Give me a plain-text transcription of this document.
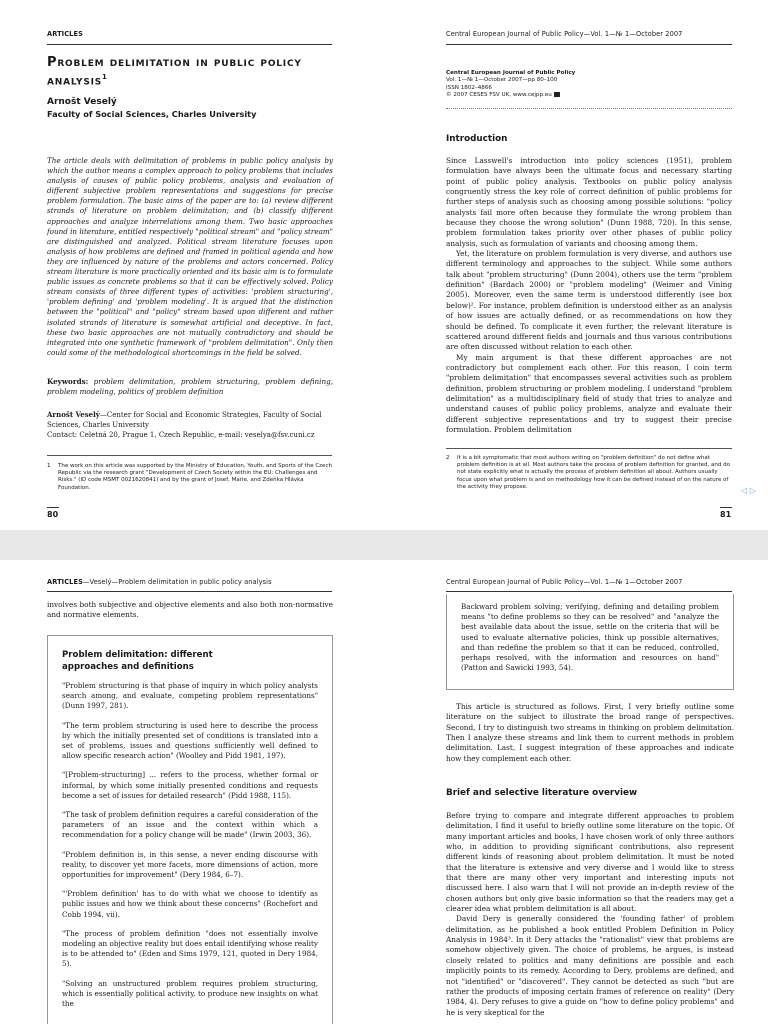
ARTICLES
Problem delimitation in public policy analysis$^1$
Arnošt Veselý
Faculty of Social Sciences, Charles University
The article deals with delimitation of problems in public policy analysis by which the author means a complex approach to policy problems that includes analysis of causes of public policy problems, analysis and evaluation of different subjective problem representations and suggestions for precise problem formulation. The basic aims of the paper are to: (a) review different strands of literature on problem delimitation; and (b) classify different approaches and analyze interrelations among them. Two basic approaches found in literature, entitled respectively "political stream" and "policy stream" are distinguished and analyzed. Political stream literature focuses upon analysis of how problems are defined and framed in political agenda and how they are influenced by nature of the problems and actors concerned. Policy stream literature is more practically oriented and its basic aim is to formulate public issues as concrete problems so that it can be effectively solved. Policy stream consists of three different types of activities: 'problem structuring', 'problem defining' and 'problem modeling'. It is argued that the distinction between the "political" and "policy" stream based upon different and rather isolated strands of literature is somewhat artificial and deceptive. In fact, these two basic approaches are not mutually contradictory and should be integrated into one synthetic framework of "problem delimitation". Only then could some of the methodological shortcomings in the field be solved.
Keywords: problem delimitation, problem structuring, problem defining, problem modeling, politics of problem definition
Arnošt Veselý—Center for Social and Economic Strategies, Faculty of Social Sciences, Charles University
Contact: Celetná 20, Prague 1, Czech Republic, e-mail: veselya@fsv.cuni.cz
1	The work on this article was supported by the Ministry of Education, Youth, and Sports of the Czech Republic via the research grant "Development of Czech Society within the EU: Challenges and Risks." (ID code MSMT 0021620841) and by the grant of Josef, Marie, and Zdeňka Hlávka Foundation.
80
Central European Journal of Public Policy—Vol. 1—№ 1—October 2007
Central European Journal of Public Policy
Vol. 1—№ 1—October 2007—pp 80–100
ISSN 1802–4866
© 2007 CESES FSV UK, www.cejpp.eu
Introduction

Since Lasswell's introduction into policy sciences (1951), problem formulation have always been the ultimate focus and necessary starting point of public policy analysis. Textbooks on public policy analysis congruently stress the key role of correct definition of public problems for further steps of analysis such as choosing among possible solutions: "policy analysts fail more often because they formulate the wrong problem than because they choose the wrong solution" (Dunn 1988, 720). In this sense, problem formulation takes priority over other phases of public policy analysis, such as formulation of variants and choosing among them.

Yet, the literature on problem formulation is very diverse, and authors use different terminology and approaches to the subject. While some authors talk about "problem structuring" (Dunn 2004), others use the term "problem definition" (Bardach 2000) or "problem modeling" (Weimer and Vining 2005). Moreover, even the same term is understood differently (see box below)². For instance, problem definition is understood either as an analysis of how issues are actually defined, or as recommendations on how they should be defined. To complicate it even further, the relevant literature is scattered around different fields and journals and thus various contributions are often discussed without relation to each other.

My main argument is that these different approaches are not contradictory but complement each other. For this reason, I coin term "problem delimitation" that encompasses several activities such as problem definition, problem structuring or problem modeling. I understand "problem delimitation" as a multidisciplinary field of study that tries to analyze and understand causes of public policy problems, analyze and evaluate their different subjective representations and try to suggest their precise formulation. Problem delimitation

2	It is a bit symptomatic that most authors writing on "problem definition" do not define what problem definition is at all. Most authors take the process of problem definition for granted, and do not state explicitly what is actually the process of problem definition all about. Authors usually focus upon what problem is and on methodology how it can be defined instead of on the nature of the activity they propose.
81
◁ ▷
ARTICLES—Veselý—Problem delimitation in public policy analysis

involves both subjective and objective elements and also both non-normative and normative elements.

Problem delimitation: different approaches and definitions

"Problem structuring is that phase of inquiry in which policy analysts search among, and evaluate, competing problem representations" (Dunn 1997, 281).

"The term problem structuring is used here to describe the process by which the initially presented set of conditions is translated into a set of problems, issues and questions sufficiently well defined to allow specific research action" (Woolley and Pidd 1981, 197).

"[Problem-structuring] ... refers to the process, whether formal or informal, by which some initially presented conditions and requests become a set of issues for detailed research" (Pidd 1988, 115).

"The task of problem definition requires a careful consideration of the parameters of an issue and the context within which a recommendation for a policy change will be made" (Irwin 2003, 36).

"Problem definition is, in this sense, a never ending discourse with reality, to discover yet more facets, more dimensions of action, more opportunities for improvement" (Dery 1984, 6–7).

"'Problem definition' has to do with what we choose to identify as public issues and how we think about these concerns" (Rochefort and Cobb 1994, vii).

"The process of problem definition "does not essentially involve modeling an objective reality but does entail identifying whose reality is to be attended to" (Eden and Sims 1979, 121, quoted in Dery 1984, 5).

"Solving an unstructured problem requires problem structuring, which is essentially political activity, to produce new insights on what the

Central European Journal of Public Policy—Vol. 1—№ 1—October 2007

Backward problem solving; verifying, defining and detailing problem means "to define problems so they can be resolved" and "analyze the best available data about the issue, settle on the criteria that will be used to evaluate alternative policies, think up possible alternatives, and than redefine the problem so that it can be reduced, controlled, perhaps resolved, with the information and resources on hand" (Patton and Sawicki 1993, 54).

This article is structured as follows. First, I very briefly outline some literature on the subject to illustrate the broad range of perspectives. Second, I try to distinguish two streams in thinking on problem delimitation. Then I analyze these streams and link them to current methods in problem delimitation. Last, I suggest integration of these approaches and indicate how they complement each other.

Brief and selective literature overview

Before trying to compare and integrate different approaches to problem delimitation, I find it useful to briefly outline some literature on the topic. Of many important articles and books, I have chosen work of only three authors who, in addition to providing significant contributions, also represent different kinds of reasoning about problem delimitation. It must be noted that the literature is extensive and very diverse and I would like to stress that there are many other very important and interesting inputs not discussed here. I also warn that I will not provide an in-depth review of the chosen authors but only give basic information so that the readers may get a clearer idea what problem delimitation is all about.

David Dery is generally considered the 'founding father' of problem delimitation, as he published a book entitled Problem Definition in Policy Analysis in 1984³. In it Dery attacks the "rationalist" view that problems are somehow objectively given. The choice of problems, he argues, is instead closely related to politics and many definitions are possible and each implicitly points to its remedy. According to Dery, problems are defined, and not "identified" or "discovered". They cannot be detected as such "but are rather the products of imposing certain frames of reference on reality" (Dery 1984, 4). Dery refuses to give a guide on "how to define policy problems" and he is very skeptical for the
